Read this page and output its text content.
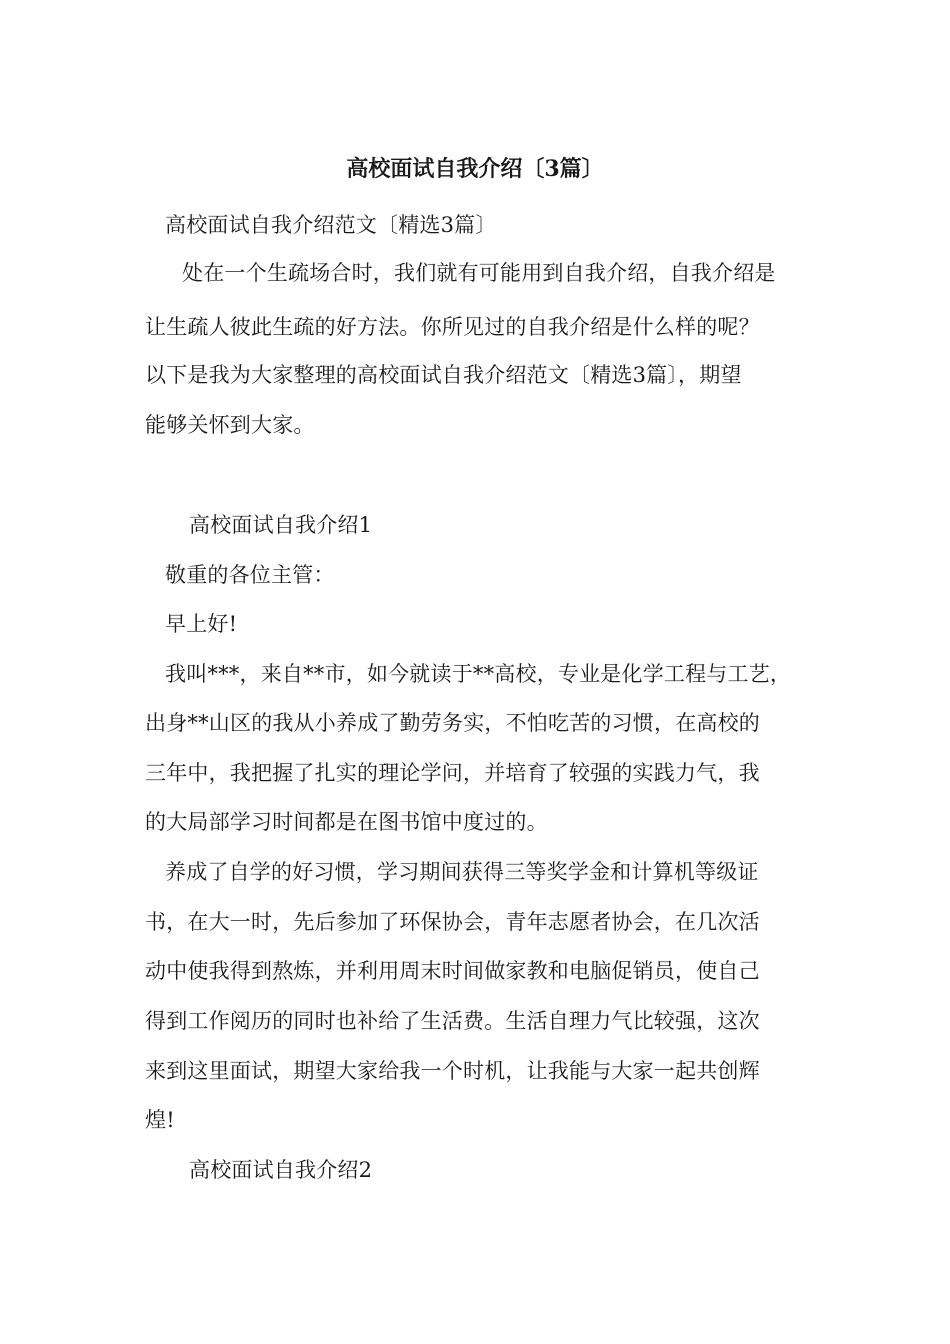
高校面试自我介绍〔3篇〕
高校面试自我介绍范文〔精选3篇〕
处在一个生疏场合时，我们就有可能用到自我介绍，自我介绍是
让生疏人彼此生疏的好方法。你所见过的自我介绍是什么样的呢？
以下是我为大家整理的高校面试自我介绍范文〔精选3篇〕，期望
能够关怀到大家。
高校面试自我介绍1
敬重的各位主管：
早上好!
我叫***，来自**市，如今就读于**高校，专业是化学工程与工艺，
出身**山区的我从小养成了勤劳务实，不怕吃苦的习惯，在高校的
三年中，我把握了扎实的理论学问，并培育了较强的实践力气，我
的大局部学习时间都是在图书馆中度过的。
养成了自学的好习惯，学习期间获得三等奖学金和计算机等级证
书，在大一时，先后参加了环保协会，青年志愿者协会，在几次活
动中使我得到熬炼，并利用周末时间做家教和电脑促销员，使自己
得到工作阅历的同时也补给了生活费。生活自理力气比较强，这次
来到这里面试，期望大家给我一个时机，让我能与大家一起共创辉
煌!
高校面试自我介绍2
